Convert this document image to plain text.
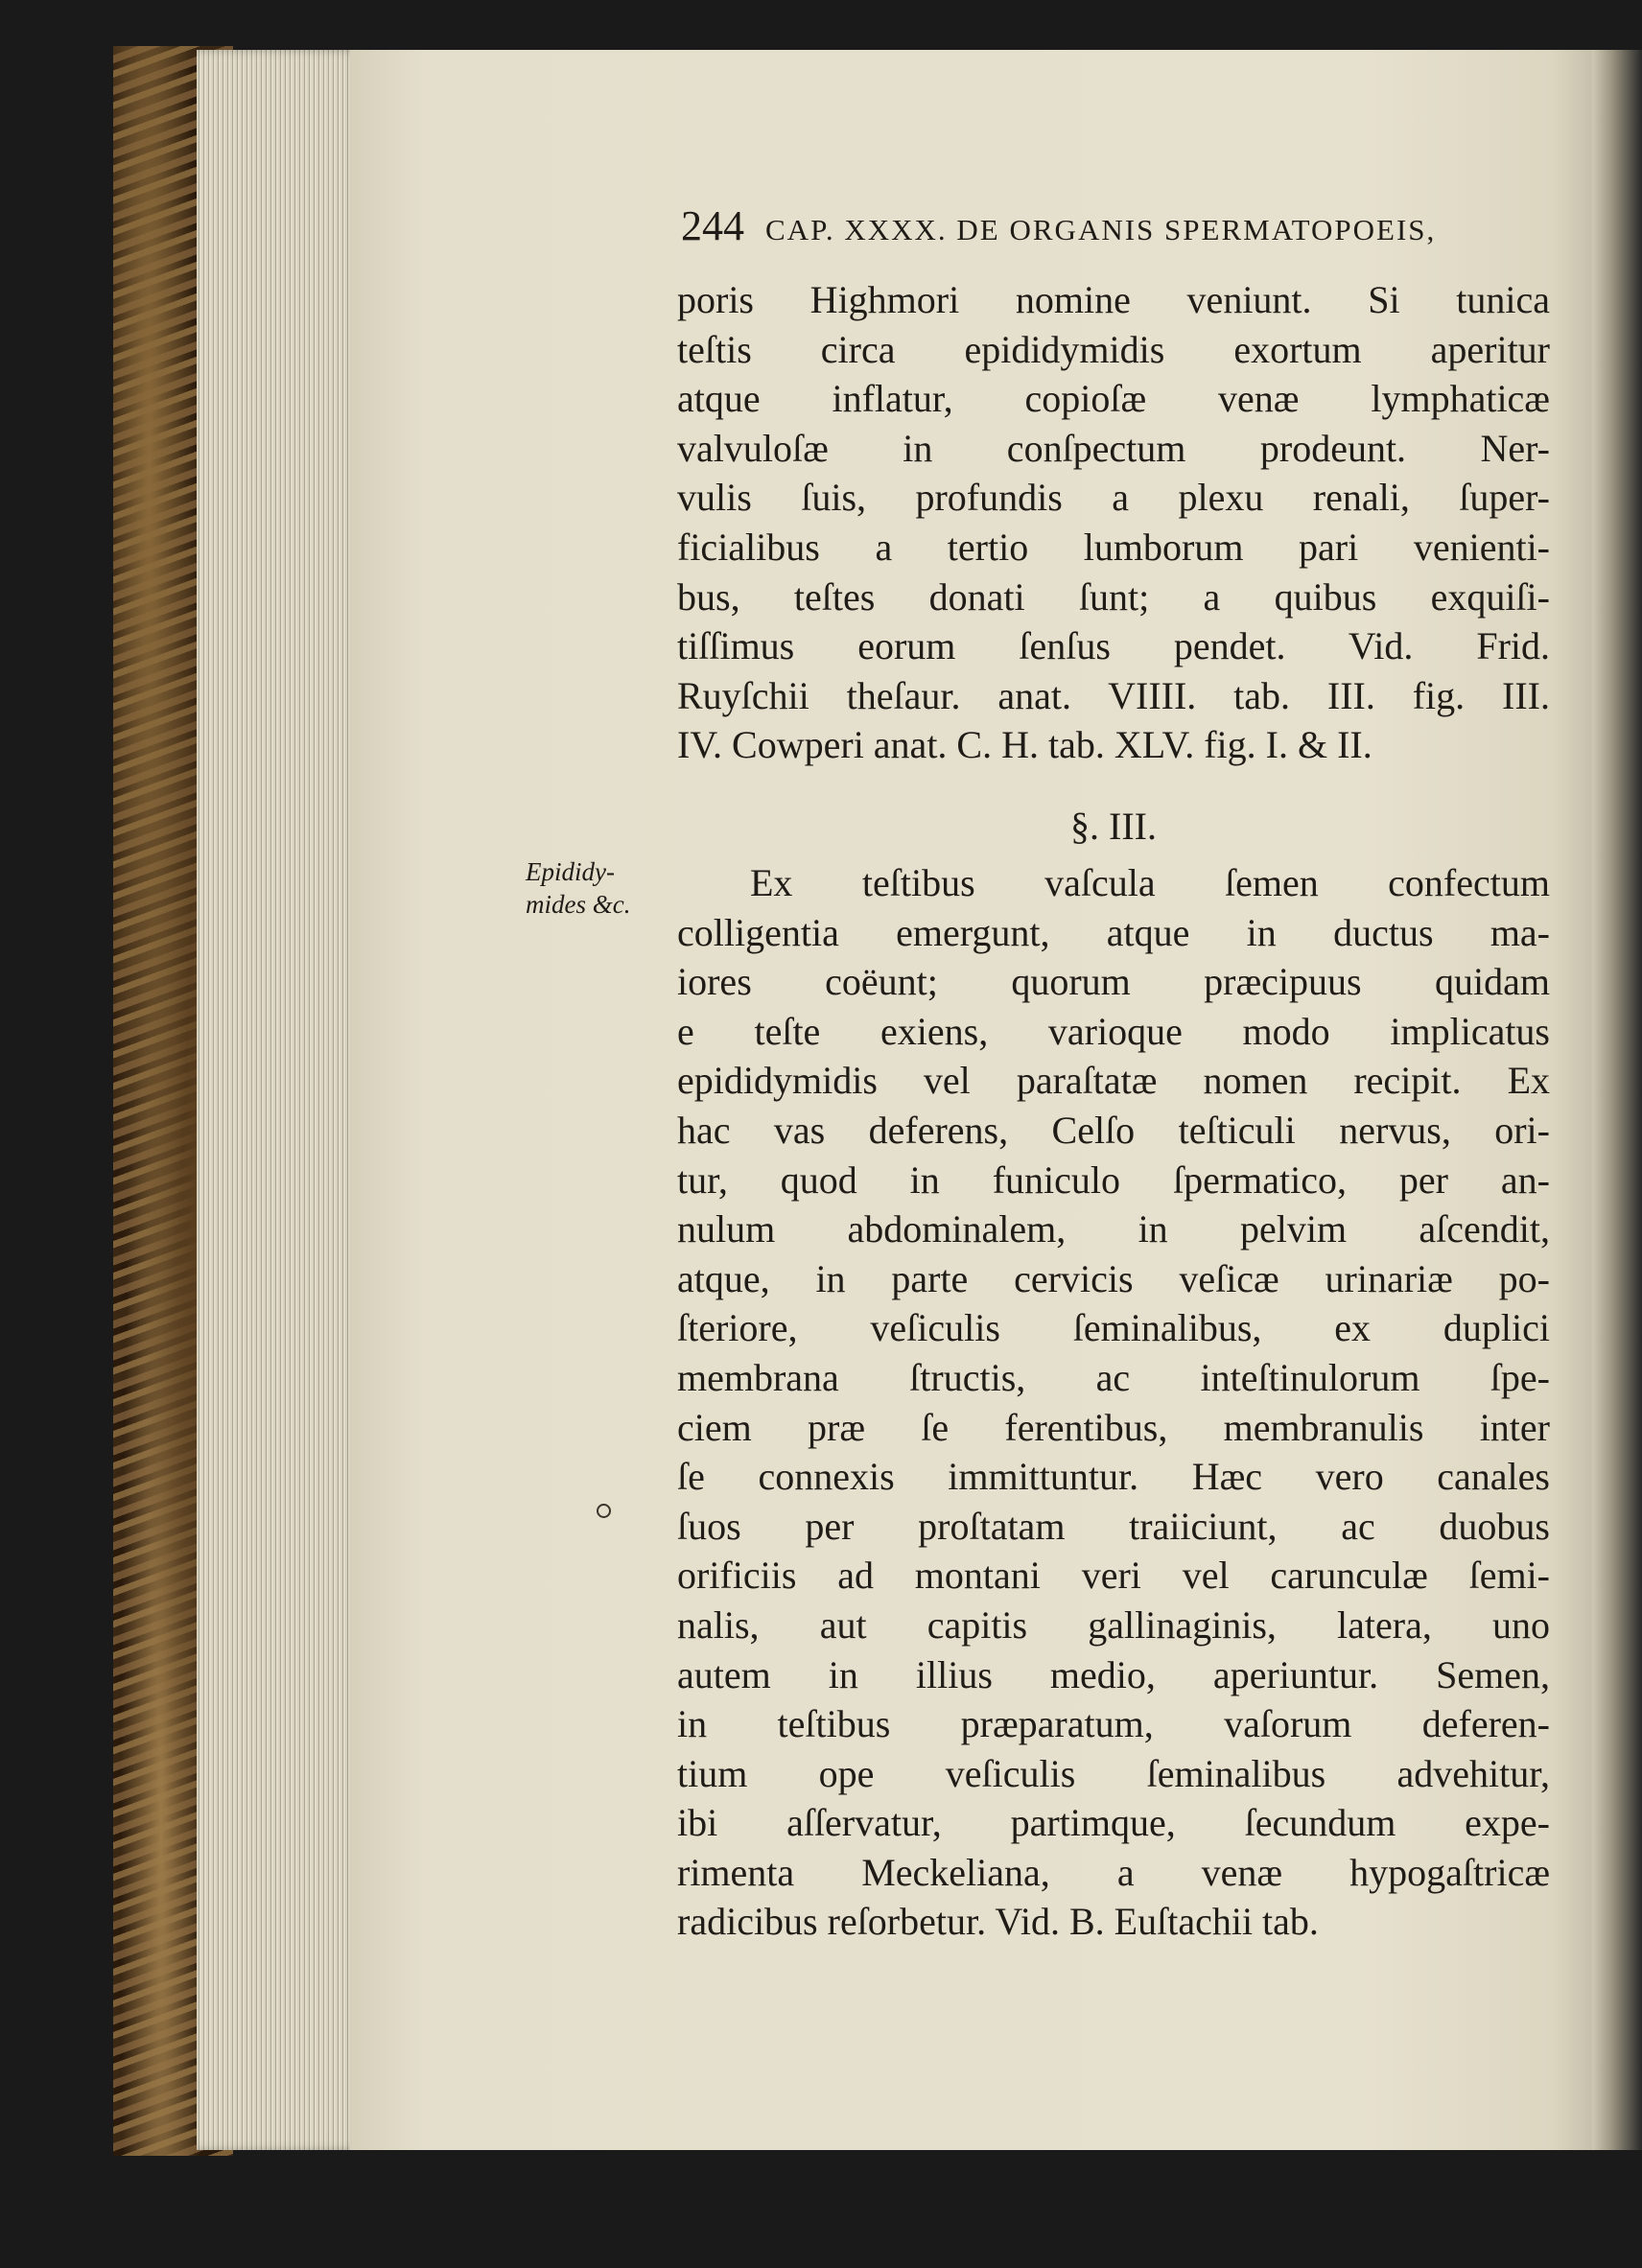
244 CAP. XXXX. DE ORGANIS SPERMATOPOEIS,
poris Highmori nomine veniunt. Si tunica
teſtis circa epididymidis exortum aperitur
atque inflatur, copioſæ venæ lymphaticæ
valvuloſæ in conſpectum prodeunt. Ner-
vulis ſuis, profundis a plexu renali, ſuper-
ficialibus a tertio lumborum pari venienti-
bus, teſtes donati ſunt; a quibus exquiſi-
tiſſimus eorum ſenſus pendet. Vid. Frid.
Ruyſchii theſaur. anat. VIIII. tab. III. fig. III.
IV. Cowperi anat. C. H. tab. XLV. fig. I. & II.
§. III.
Epididy-
mides &c.	Ex teſtibus vaſcula ſemen confectum
colligentia emergunt, atque in ductus ma-
iores coëunt; quorum præcipuus quidam
e teſte exiens, varioque modo implicatus
epididymidis vel paraſtatæ nomen recipit. Ex
hac vas deferens, Celſo teſticuli nervus, ori-
tur, quod in funiculo ſpermatico, per an-
nulum abdominalem, in pelvim aſcendit,
atque, in parte cervicis veſicæ urinariæ po-
ſteriore, veſiculis ſeminalibus, ex duplici
membrana ſtructis, ac inteſtinulorum ſpe-
ciem præ ſe ferentibus, membranulis inter
ſe connexis immittuntur. Hæc vero canales
ſuos per proſtatam traiiciunt, ac duobus
orificiis ad montani veri vel carunculæ ſemi-
nalis, aut capitis gallinaginis, latera, uno
autem in illius medio, aperiuntur. Semen,
in teſtibus præparatum, vaſorum deferen-
tium ope veſiculis ſeminalibus advehitur,
ibi aſſervatur, partimque, ſecundum expe-
rimenta Meckeliana, a venæ hypogaſtricæ
radicibus reſorbetur. Vid. B. Euſtachii tab.
